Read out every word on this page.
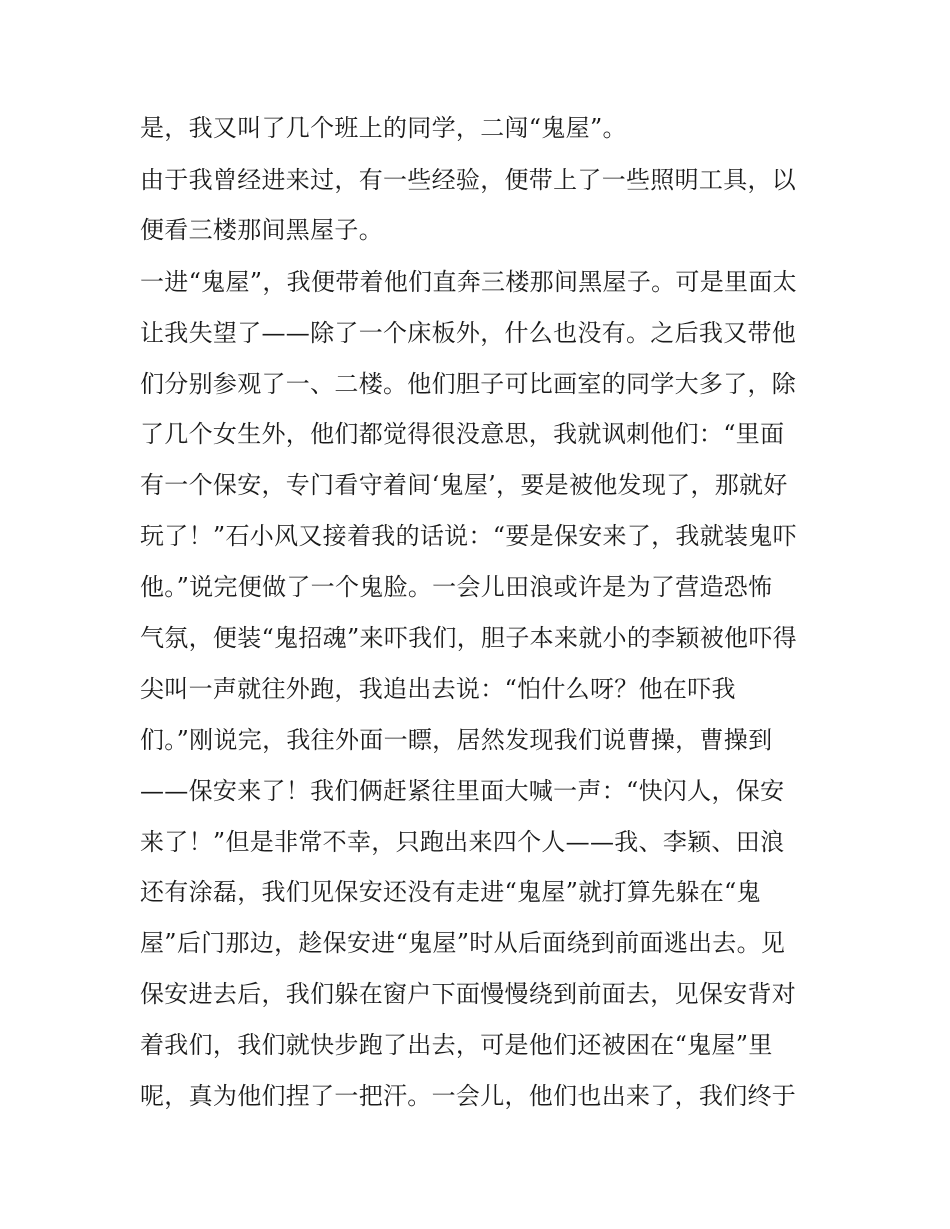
是，我又叫了几个班上的同学，二闯“鬼屋”。

由于我曾经进来过，有一些经验，便带上了一些照明工具，以

便看三楼那间黑屋子。

一进“鬼屋”，我便带着他们直奔三楼那间黑屋子。可是里面太

让我失望了——除了一个床板外，什么也没有。之后我又带他

们分别参观了一、二楼。他们胆子可比画室的同学大多了，除

了几个女生外，他们都觉得很没意思，我就讽刺他们：“里面

有一个保安，专门看守着间‘鬼屋’，要是被他发现了，那就好

玩了！”石小风又接着我的话说：“要是保安来了，我就装鬼吓

他。”说完便做了一个鬼脸。一会儿田浪或许是为了营造恐怖

气氛，便装“鬼招魂”来吓我们，胆子本来就小的李颖被他吓得

尖叫一声就往外跑，我追出去说：“怕什么呀？他在吓我

们。”刚说完，我往外面一瞟，居然发现我们说曹操，曹操到

——保安来了！我们俩赶紧往里面大喊一声：“快闪人，保安

来了！”但是非常不幸，只跑出来四个人——我、李颖、田浪

还有涂磊，我们见保安还没有走进“鬼屋”就打算先躲在“鬼

屋”后门那边，趁保安进“鬼屋”时从后面绕到前面逃出去。见

保安进去后，我们躲在窗户下面慢慢绕到前面去，见保安背对

着我们，我们就快步跑了出去，可是他们还被困在“鬼屋”里

呢，真为他们捏了一把汗。一会儿，他们也出来了，我们终于
